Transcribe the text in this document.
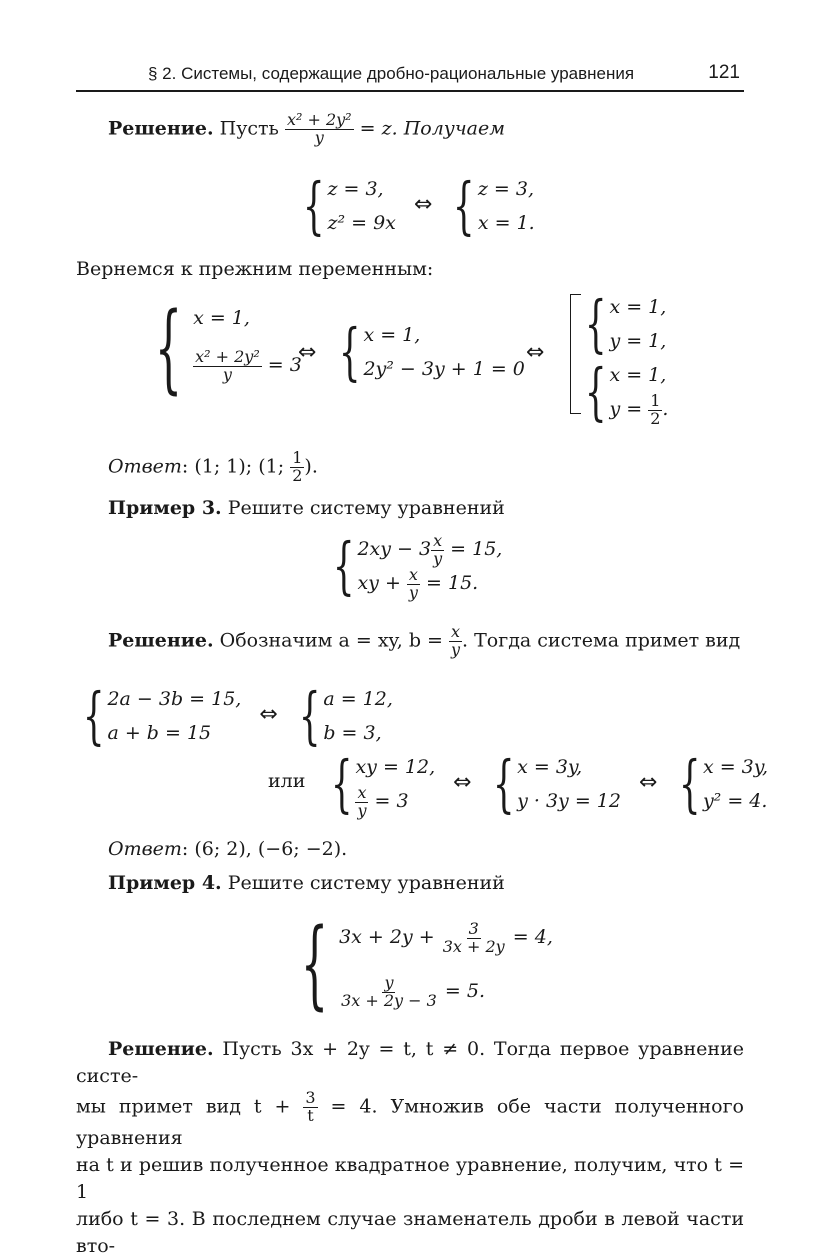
§ 2. Системы, содержащие дробно-рациональные уравнения	121
Решение. Пусть $\frac{\text{x² + 2y²}}{y} = z$. Получаем
{ z = 3,
z² = 9x
⇔ { z = 3,
x = 1.
Вернемся к прежним переменным:
{ x = 1,
$\frac{\text{x² + 2y²}}{y} = 3$
⇔ { x = 1,
2y² − 3y + 1 = 0
⇔ { x = 1,
y = 1,
{ x = 1,
$y = \frac{1}{2}$ .
Ответ: (1; 1); (1; $\frac{1}{2}$ ).
Пример 3. Решите систему уравнений
{ $2xy - 3 \frac{x}{y} = 15$,
xy + $\frac{x}{y} = 15$.
Решение. Обозначим a = xy, $b = \frac{x}{y}$ . Тогда система примет вид
{ 2a − 3b = 15,
a + b = 15
⇔ { a = 12,
b = 3,
или { xy = 12,
$\frac{x}{y} = 3$
⇔ { x = 3y,
y · 3y = 12
⇔ { x = 3y,
y² = 4.
Ответ: (6; 2), (−6; −2).
Пример 4. Решите систему уравнений
{ $3x + 2y + \frac{3}{3x + 2y} = 4$,
$\frac{y}{3x + 2y - 3} = 5$.
Решение. Пусть 3x + 2y = t, t ≠ 0. Тогда первое уравнение систе-
мы примет вид $t + \frac{3}{t} = 4$. Умножив обе части полученного уравнения
на t и решив полученное квадратное уравнение, получим, что t = 1
либо t = 3. В последнем случае знаменатель дроби в левой части вто-
